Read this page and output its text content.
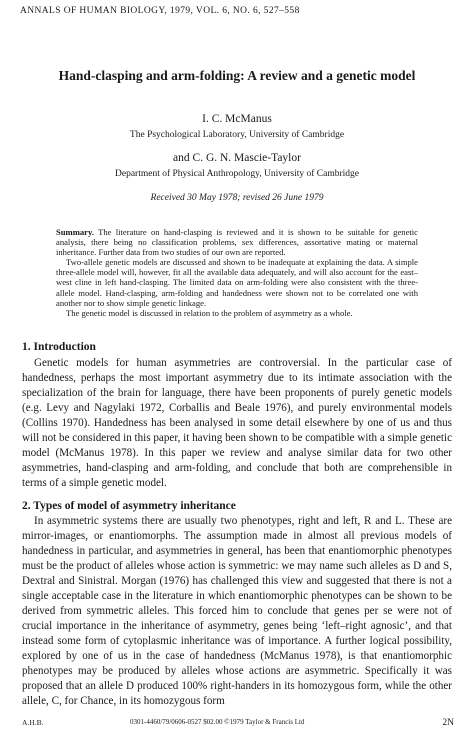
ANNALS OF HUMAN BIOLOGY, 1979, VOL. 6, NO. 6, 527–558
Hand-clasping and arm-folding: A review and a genetic model
I. C. McManus
The Psychological Laboratory, University of Cambridge
and C. G. N. Mascie-Taylor
Department of Physical Anthropology, University of Cambridge
Received 30 May 1978; revised 26 June 1979

Summary. The literature on hand-clasping is reviewed and it is shown to be suitable for genetic analysis, there being no classification problems, sex differences, assortative mating or maternal inheritance. Further data from two studies of our own are reported.

Two-allele genetic models are discussed and shown to be inadequate at explaining the data. A simple three-allele model will, however, fit all the available data adequately, and will also account for the east–west cline in left hand-clasping. The limited data on arm-folding were also consistent with the three-allele model. Hand-clasping, arm-folding and handedness were shown not to be correlated one with another nor to show simple genetic linkage.

The genetic model is discussed in relation to the problem of asymmetry as a whole.

1. Introduction

Genetic models for human asymmetries are controversial. In the particular case of handedness, perhaps the most important asymmetry due to its intimate association with the specialization of the brain for language, there have been proponents of purely genetic models (e.g. Levy and Nagylaki 1972, Corballis and Beale 1976), and purely environmental models (Collins 1970). Handedness has been analysed in some detail elsewhere by one of us and thus will not be considered in this paper, it having been shown to be compatible with a simple genetic model (McManus 1978). In this paper we review and analyse similar data for two other asymmetries, hand-clasping and arm-folding, and conclude that both are comprehensible in terms of a simple genetic model.

2. Types of model of asymmetry inheritance

In asymmetric systems there are usually two phenotypes, right and left, R and L. These are mirror-images, or enantiomorphs. The assumption made in almost all previous models of handedness in particular, and asymmetries in general, has been that enantiomorphic phenotypes must be the product of alleles whose action is symmetric: we may name such alleles as D and S, Dextral and Sinistral. Morgan (1976) has challenged this view and suggested that there is not a single acceptable case in the literature in which enantiomorphic phenotypes can be shown to be derived from symmetric alleles. This forced him to conclude that genes per se were not of crucial importance in the inheritance of asymmetry, genes being ‘left–right agnosic’, and that instead some form of cytoplasmic inheritance was of importance. A further logical possibility, explored by one of us in the case of handedness (McManus 1978), is that enantiomorphic phenotypes may be produced by alleles whose actions are asymmetric. Specifically it was proposed that an allele D produced 100% right-handers in its homozygous form, while the other allele, C, for Chance, in its homozygous form

A.H.B.	0301-4460/79/0606-0527 $02.00 ©1979 Taylor & Francis Ltd	2N
